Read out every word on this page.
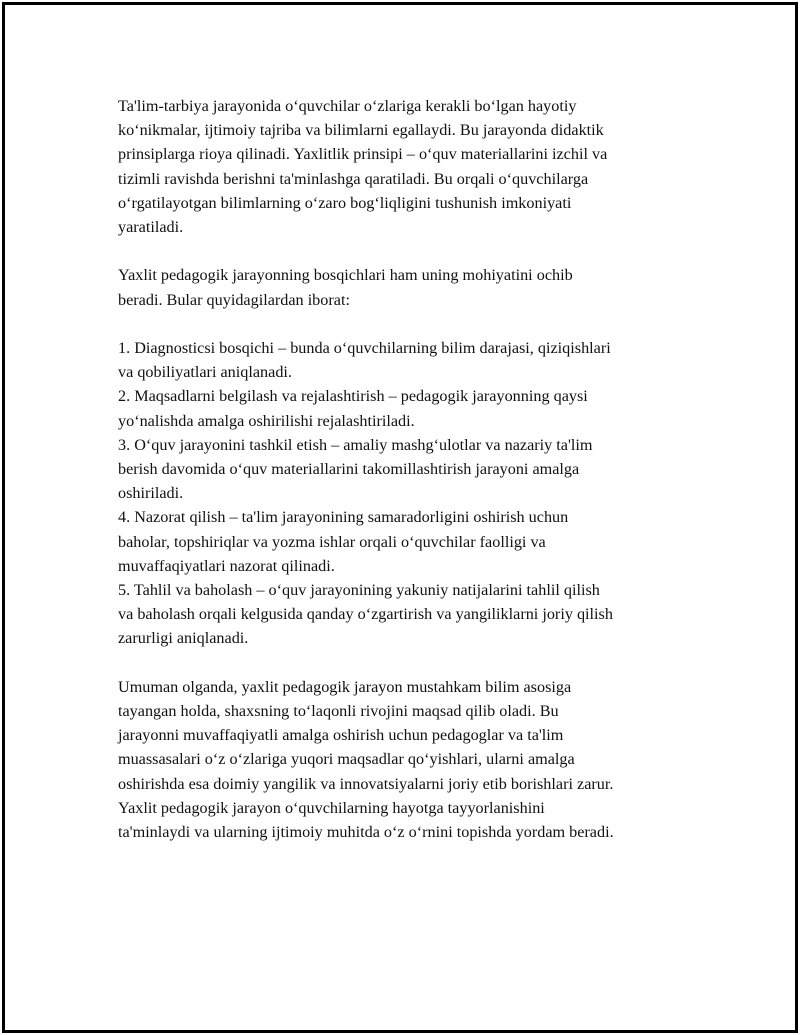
Ta'lim-tarbiya jarayonida o‘quvchilar o‘zlariga kerakli bo‘lgan hayotiy
ko‘nikmalar, ijtimoiy tajriba va bilimlarni egallaydi. Bu jarayonda didaktik
prinsiplarga rioya qilinadi. Yaxlitlik prinsipi – o‘quv materiallarini izchil va
tizimli ravishda berishni ta'minlashga qaratiladi. Bu orqali o‘quvchilarga
o‘rgatilayotgan bilimlarning o‘zaro bog‘liqligini tushunish imkoniyati
yaratiladi.

Yaxlit pedagogik jarayonning bosqichlari ham uning mohiyatini ochib
beradi. Bular quyidagilardan iborat:

1. Diagnosticsi bosqichi – bunda o‘quvchilarning bilim darajasi, qiziqishlari
va qobiliyatlari aniqlanadi.
2. Maqsadlarni belgilash va rejalashtirish – pedagogik jarayonning qaysi
yo‘nalishda amalga oshirilishi rejalashtiriladi.
3. O‘quv jarayonini tashkil etish – amaliy mashg‘ulotlar va nazariy ta'lim
berish davomida o‘quv materiallarini takomillashtirish jarayoni amalga
oshiriladi.
4. Nazorat qilish – ta'lim jarayonining samaradorligini oshirish uchun
baholar, topshiriqlar va yozma ishlar orqali o‘quvchilar faolligi va
muvaffaqiyatlari nazorat qilinadi.
5. Tahlil va baholash – o‘quv jarayonining yakuniy natijalarini tahlil qilish
va baholash orqali kelgusida qanday o‘zgartirish va yangiliklarni joriy qilish
zarurligi aniqlanadi.

Umuman olganda, yaxlit pedagogik jarayon mustahkam bilim asosiga
tayangan holda, shaxsning to‘laqonli rivojini maqsad qilib oladi. Bu
jarayonni muvaffaqiyatli amalga oshirish uchun pedagoglar va ta'lim
muassasalari o‘z o‘zlariga yuqori maqsadlar qo‘yishlari, ularni amalga
oshirishda esa doimiy yangilik va innovatsiyalarni joriy etib borishlari zarur.
Yaxlit pedagogik jarayon o‘quvchilarning hayotga tayyorlanishini
ta'minlaydi va ularning ijtimoiy muhitda o‘z o‘rnini topishda yordam beradi.
